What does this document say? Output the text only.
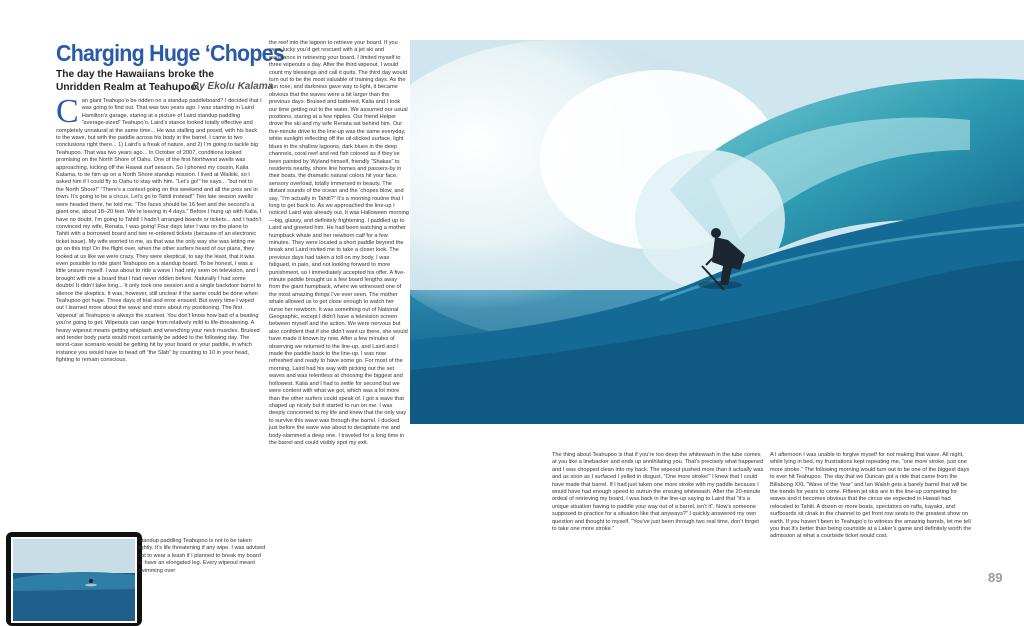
Charging Huge ‘Chopes
The day the Hawaiians broke the Unridden Realm at Teahupoo.
By Ekolu Kalama
C an giant Teahupo’o be ridden on a standup paddleboard? I decided that I was going to find out. That was two years ago. I was standing in Laird Hamilton’s garage, staring at a picture of Laird standup paddling “average-sized” Teahupo’o. Laird’s stance looked totally effective and completely unnatural at the same time... He was stalling and posed, with his back to the wave, but with the paddle across his body in the barrel. I came to two conclusions right there... 1) Laird’s a freak of nature, and 2) I’m going to tackle big Teahupoo. That was two years ago... In October of 2007, conditions looked promising on the North Shore of Oahu. One of the first Northwest swells was approaching, kicking off the Hawaii surf season. So I phoned my cousin, Kalia Kalama, to tie him up on a North Shore standup mission. I lived at Waikiki, so I asked him if I could fly to Oahu to stay with him. “Let’s go!” he says... “but not to the North Shore!” “There’s a contest going on this weekend and all the pros are in town. It’s going to be a circus. Let’s go to Tahiti instead!” Two late season swells were headed there, he told me. “The faces should be 16 feet and the second’s a giant one, about 18–20 feet. We’re leaving in 4 days.” Before I hung up with Kalia, I have no doubt. I’m going to Tahiti! I hadn’t arranged boards or tickets... and I hadn’t convinced my wife, Renata, I was going! Four days later I was on the plane to Tahiti with a borrowed board and two re-ordered tickets (because of an electronic ticket issue). My wife worried to me, as that was the only way she was letting me go on this trip! On the flight over, when the other surfers heard of our plans, they looked at us like we were crazy. They were skeptical, to say the least, that it was even possible to ride giant Teahupoo on a standup board. To be honest, I was a little unsure myself. I was about to ride a wave I had only seen on television, and I brought with me a board that I had never ridden before. Naturally I had some doubts! It didn’t take long... It only took one session and a single backdoor barrel to silence the skeptics. It was, however, still unclear if the same could be done when Teahupoo got huge. Three days of trial and error ensued. But every time I wiped out I learned more about the wave and more about my positioning. The first ‘wipeout’ at Teahupoo is always the scariest. You don’t know how bad of a beating you’re going to get. Wipeouts can range from relatively mild to life-threatening. A heavy wipeout means getting whiplash and wrenching your neck muscles. Bruised and tender body parts would most certainly be added to the following day. The worst-case scenario would be getting hit by your board or your paddle, in which instance you would have to head off “the Slab” by counting to 10 in your head, fighting to remain conscious.
the reef into the lagoon to retrieve your board. If you were lucky you’d get rescued with a jet ski and assistance in retrieving your board. I limited myself to three wipeouts a day. After the third wipeout, I would count my blessings and call it quits. The third day would turn out to be the most valuable of training days. As the sun rose, and darkness gave way to light, it became obvious that the waves were a bit larger than the previous days. Bruised and battered, Kalia and I took our time getting out to the water. We assumed our usual positions, staring at a few ripples. Our friend Helper drove the ski and my wife Renata sat behind him. Our five-minute drive to the line-up was the same everyday, white sunlight reflecting off the oil-slicked surface, light blues in the shallow lagoons, dark blues in the deep channels, coral reef and red fish colored as if they’ve been painted by Wyland himself, friendly “Shakas” to residents nearby, shore line homes and passers-by in their boats, the dramatic natural colors hit your face, sensory overload, totally immersed in beauty. The distant sounds of the ocean and the ‘chopes blow, and say, “I’m actually in Tahiti?” It’s a morning routine that I long to get back to. As we approached the line-up I noticed Laird was already out. It was Halloween morning—big, glassy, and definitely frightening. I paddled up to Laird and greeted him. He had been watching a mother humpback whale and her newborn calf for a few minutes. They were located a short paddle beyond the break and Laird invited me to take a closer look. The previous days had taken a toll on my body. I was fatigued, in pain, and not looking forward to more punishment, so I immediately accepted his offer. A five-minute paddle brought us a few board lengths away from the giant humpback, where we witnessed one of the most amazing things I’ve ever seen. The mother whale allowed us to get close enough to watch her nurse her newborn. It was something out of National Geographic, except I didn’t have a television screen between myself and the action. We were nervous but also confident that if she didn’t want us there, she would have made it known by now. After a few minutes of observing we returned to the line-up, and Laird and I made the paddle back to the line-up. I was now refreshed and ready to have some go. For most of the morning, Laird had his way with picking out the set waves and was relentless at choosing the biggest and hollowest. Kalia and I had to settle for second but we were content with what we got, which was a lot more than the other surfers could speak of. I got a wave that shaped up nicely but it started to run on me. I was deeply concerned to my life and knew that the only way to survive this wave was through the barrel. I ducked just before the wave was about to decapitate me and body-slammed a deep one. I traveled for a long time in the barrel and could visibly spot my exit.
The thing about Teahupoo is that if you’re too deep the whitewash in the tube comes at you like a linebacker and ends up annihilating you. That’s precisely what happened and I was chopped clean into my back. The wipeout pushed more than it actually was and as soon as I surfaced I yelled in disgust, “One more stroke!” I knew that I could have made that barrel. If I had just taken one more stroke with my paddle because I would have had enough speed to outrun the ensuing whitewash. After the 20-minute ordeal of retrieving my board, I was back in the line-up saying to Laird that “it’s a unique situation having to paddle your way out of a barrel, isn’t it”. Now’s someone supposed to practice for a situation like that anyways?” I quickly answered my own question and thought to myself, “You’ve just been through two real time, don’t forget to take one more stroke.”
A I afternoon I was unable to forgive myself for not making that wave. All night, while lying in bed, my frustrations kept repeating me, “one more stroke, just one more stroke.” The following morning would turn out to be one of the biggest days to ever hit Teahupoo. The day that we Duncan got a ride that came from the Billabong XXL “Wave of the Year” and Ian Walsh gets a barely barrel that will be the trends for years to come. Fifteen jet skis are in the line-up competing for waves and it becomes obvious that the circus we expected in Hawaii had relocated to Tahiti. A dozen or more boats, spectators on rafts, kayaks, and surfboards sit cloak in the channel to get front row seats to the greatest show on earth. If you haven’t been to Teahupo’o to witness the amazing barrels, let me tell you that it’s better than being courtside at a Laker’s game and definitely worth the admission at what a courtside ticket would cost.
Standup paddling Teahupoo is not to be taken lightly. It’s life threatening if any wipe. I was advised not to wear a leash if I planned to break my board or have an elongated leg. Every wipeout meant swimming over	89
